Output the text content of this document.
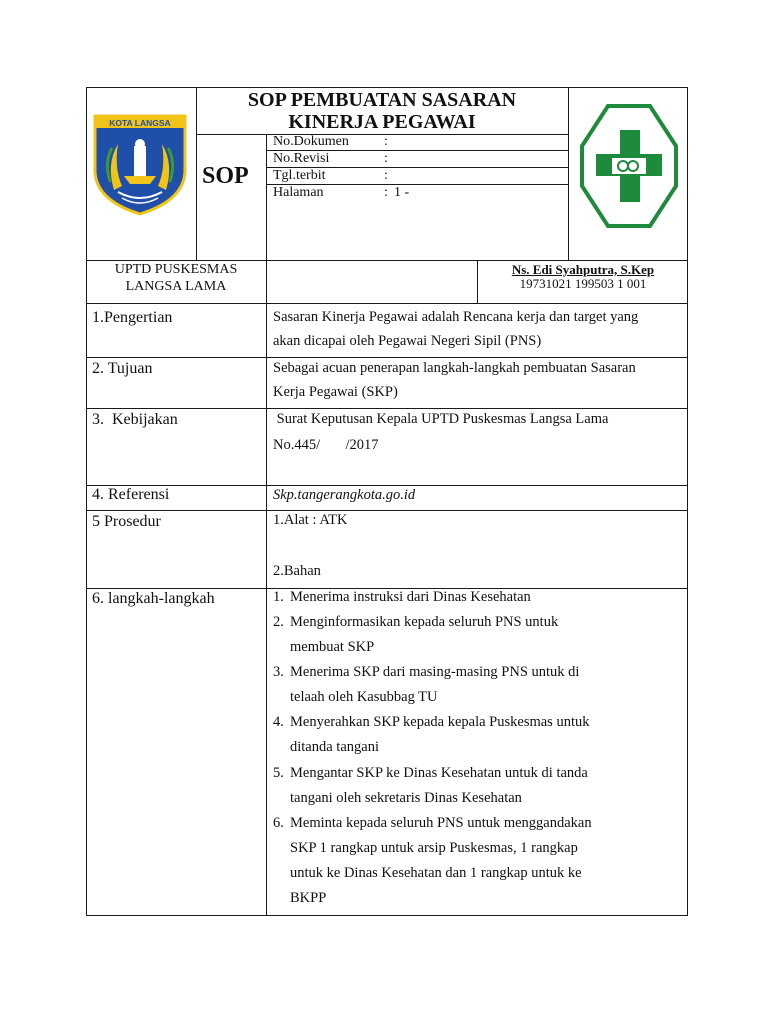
KOTA LANGSA
SOP PEMBUATAN SASARAN
KINERJA PEGAWAI
SOP
No.Dokumen	:
No.Revisi	:
Tgl.terbit	:
Halaman	: 1 -
UPTD PUSKESMAS
LANGSA LAMA
Ns. Edi Syahputra, S.Kep
19731021 199503 1 001
1.Pengertian	Sasaran Kinerja Pegawai adalah Rencana kerja dan target yang
akan dicapai oleh Pegawai Negeri Sipil (PNS)
2. Tujuan	Sebagai acuan penerapan langkah-langkah pembuatan Sasaran
Kerja Pegawai (SKP)
3.  Kebijakan	Surat Keputusan Kepala UPTD Puskesmas Langsa Lama
No.445/       /2017
4. Referensi	Skp.tangerangkota.go.id
5 Prosedur	1.Alat : ATK
2.Bahan
6. langkah-langkah	1. Menerima instruksi dari Dinas Kesehatan
2. Menginformasikan kepada seluruh PNS untuk
membuat SKP
3. Menerima SKP dari masing-masing PNS untuk di
telaah oleh Kasubbag TU
4. Menyerahkan SKP kepada kepala Puskesmas untuk
ditanda tangani
5. Mengantar SKP ke Dinas Kesehatan untuk di tanda
tangani oleh sekretaris Dinas Kesehatan
6. Meminta kepada seluruh PNS untuk menggandakan
SKP 1 rangkap untuk arsip Puskesmas, 1 rangkap
untuk ke Dinas Kesehatan dan 1 rangkap untuk ke
BKPP
